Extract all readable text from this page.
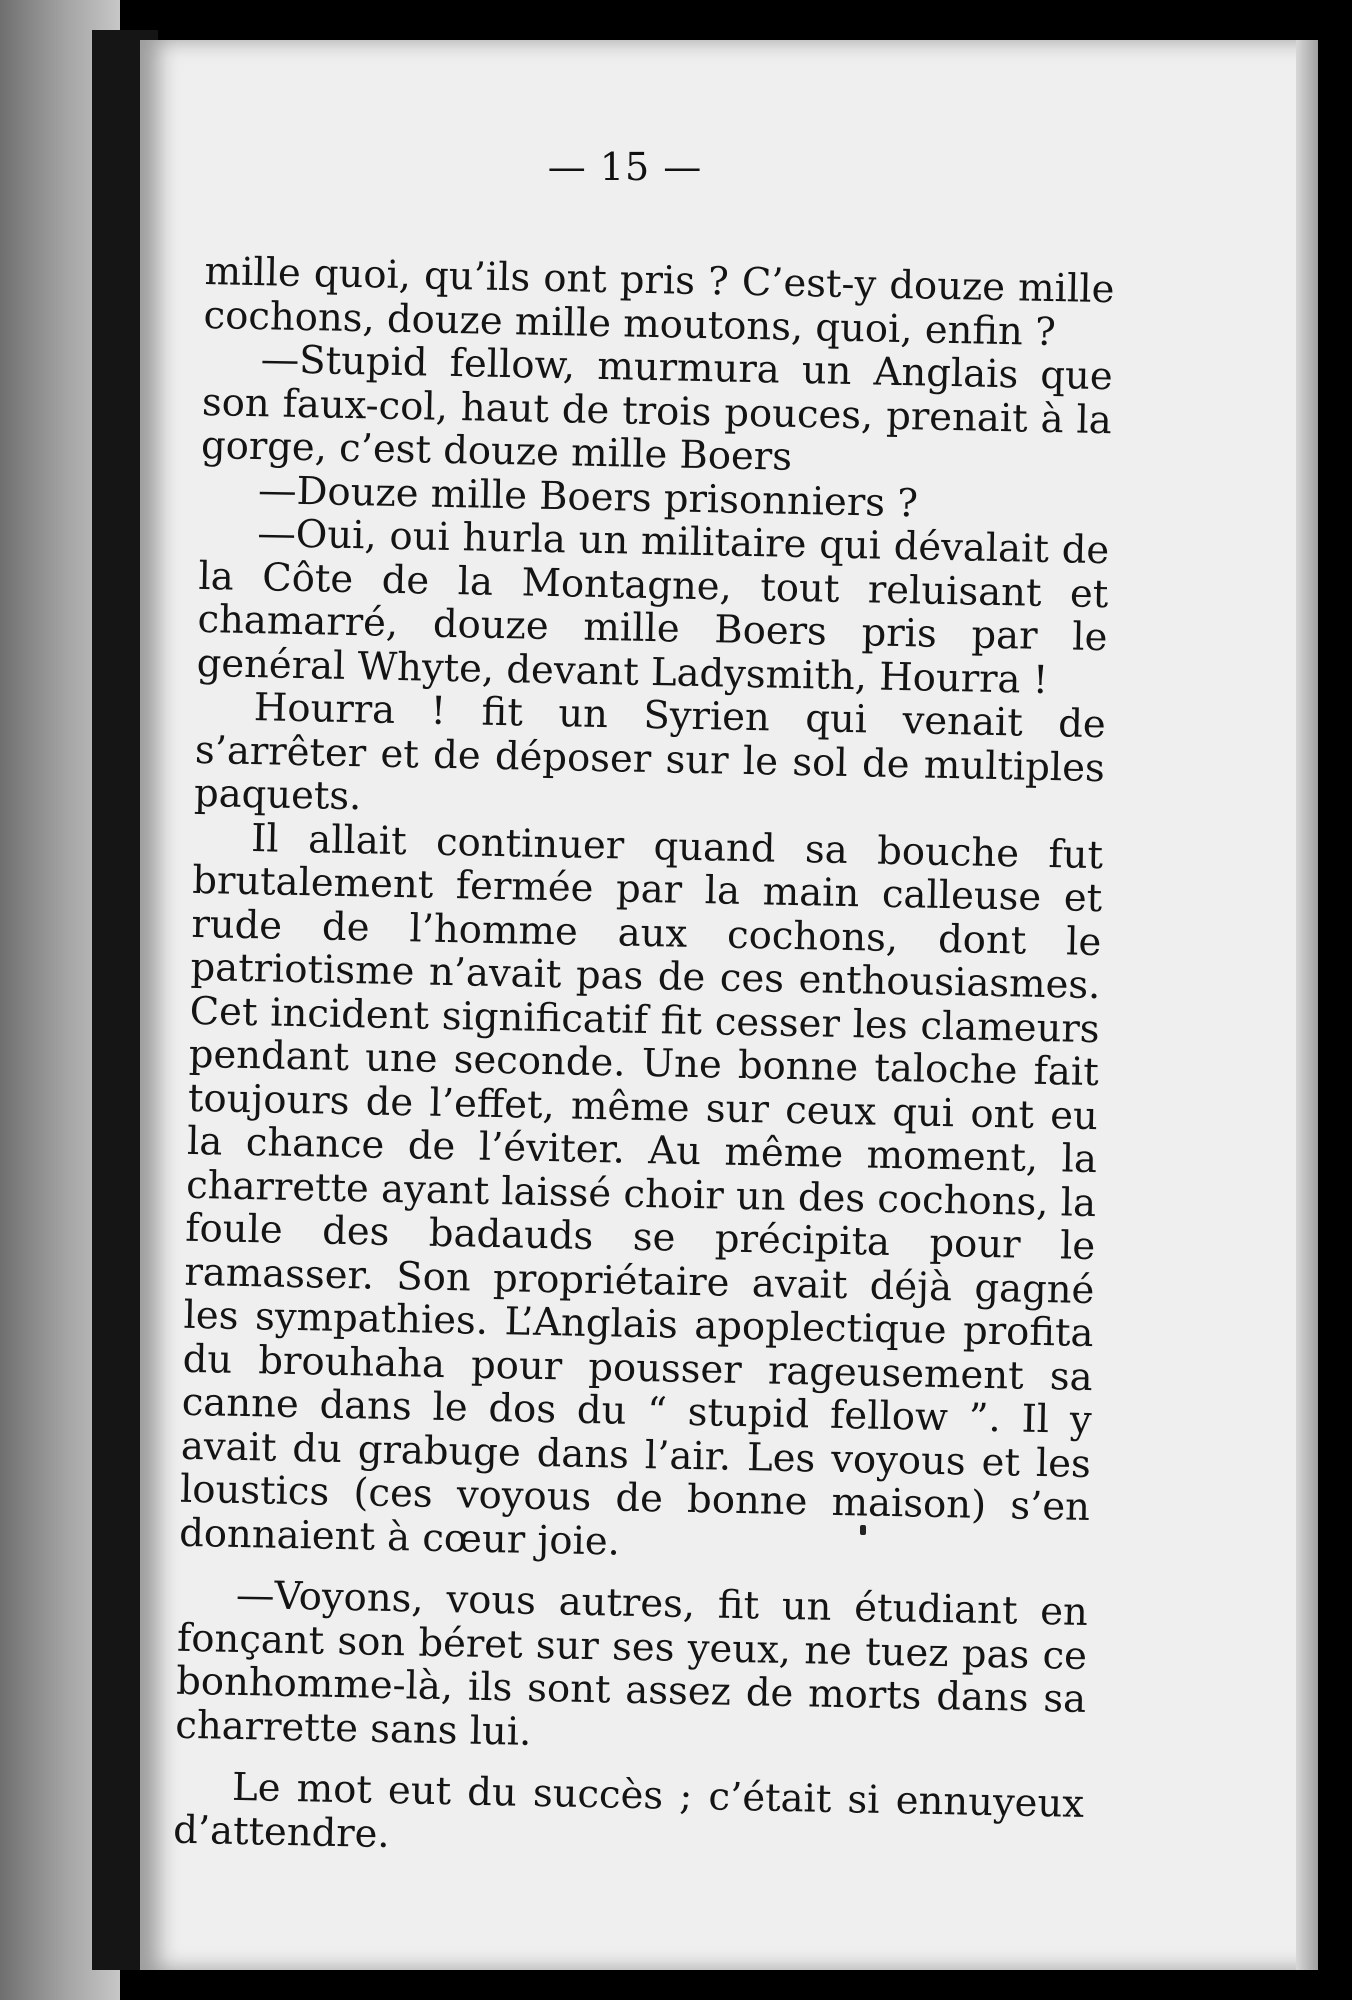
— 15 —

mille quoi, qu’ils ont pris ? C’est-y douze mille cochons, douze mille moutons, quoi, enfin ?

—Stupid fellow, murmura un Anglais que son faux-col, haut de trois pouces, prenait à la gorge, c’est douze mille Boers

—Douze mille Boers prisonniers ?

—Oui, oui hurla un militaire qui dévalait de la Côte de la Montagne, tout reluisant et chamarré, douze mille Boers pris par le genéral Whyte, devant Ladysmith, Hourra !

Hourra ! fit un Syrien qui venait de s’arrêter et de déposer sur le sol de multiples paquets.

Il allait continuer quand sa bouche fut brutalement fermée par la main calleuse et rude de l’homme aux cochons, dont le patriotisme n’avait pas de ces enthousiasmes. Cet incident significatif fit cesser les clameurs pendant une seconde. Une bonne taloche fait toujours de l’effet, même sur ceux qui ont eu la chance de l’éviter. Au même moment, la charrette ayant laissé choir un des cochons, la foule des badauds se précipita pour le ramasser. Son propriétaire avait déjà gagné les sympathies. L’Anglais apoplectique profita du brouhaha pour pousser rageusement sa canne dans le dos du “ stupid fellow ”. Il y avait du grabuge dans l’air. Les voyous et les loustics (ces voyous de bonne maison) s’en donnaient à cœur joie.

—Voyons, vous autres, fit un étudiant en fonçant son béret sur ses yeux, ne tuez pas ce bonhomme-là, ils sont assez de morts dans sa charrette sans lui.

Le mot eut du succès ; c’était si ennuyeux d’attendre.
